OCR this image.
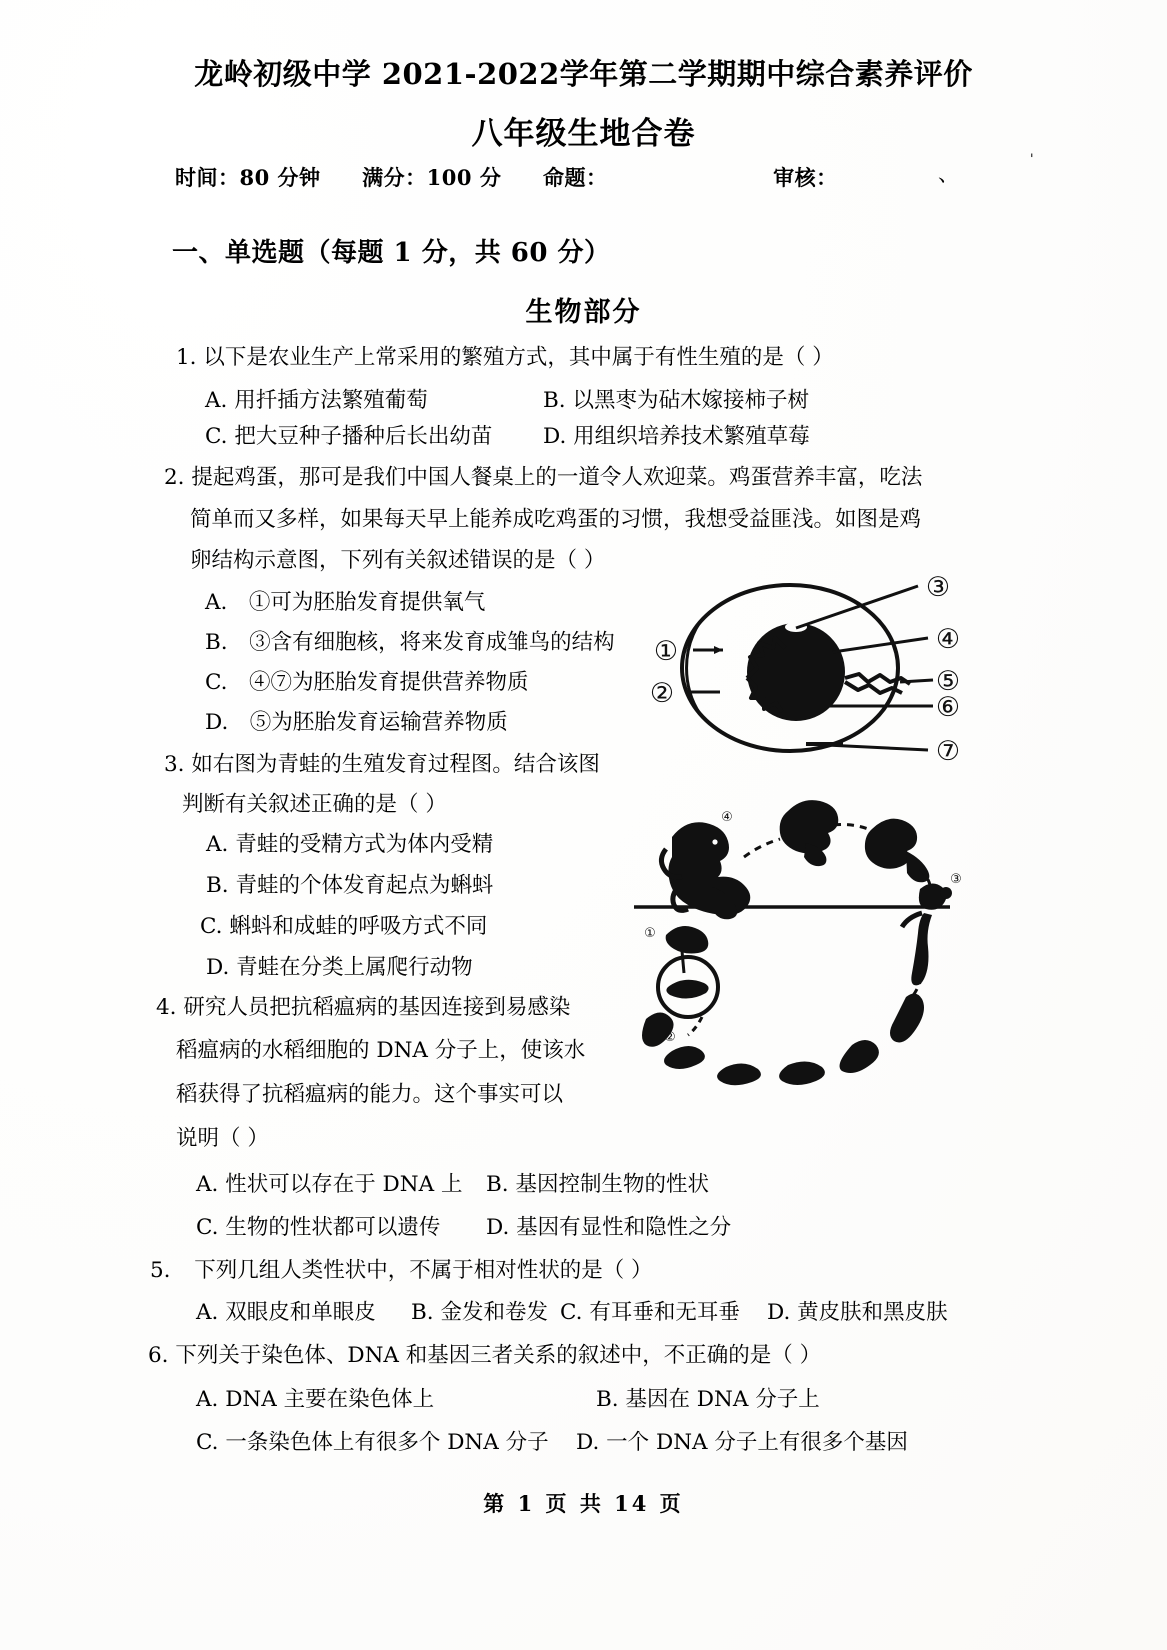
龙岭初级中学 2021-2022学年第二学期期中综合素养评价
八年级生地合卷
时间：80 分钟 满分：100 分 命题：	审核：	、
'
一、单选题（每题 1 分，共 60 分）
生物部分
1. 以下是农业生产上常采用的繁殖方式，其中属于有性生殖的是（ ）
A. 用扦插方法繁殖葡萄	B. 以黑枣为砧木嫁接柿子树
C. 把大豆种子播种后长出幼苗 D. 用组织培养技术繁殖草莓
2. 提起鸡蛋，那可是我们中国人餐桌上的一道令人欢迎菜。鸡蛋营养丰富，吃法
简单而又多样，如果每天早上能养成吃鸡蛋的习惯，我想受益匪浅。如图是鸡
卵结构示意图，下列有关叙述错误的是（ ）
A.　①可为胚胎发育提供氧气
B.　③含有细胞核，将来发育成雏鸟的结构
C.　④⑦为胚胎发育提供营养物质
D.　⑤为胚胎发育运输营养物质
①
②
③
④
⑤
⑥
⑦
3. 如右图为青蛙的生殖发育过程图。结合该图
判断有关叙述正确的是（ ）
A. 青蛙的受精方式为体内受精
B. 青蛙的个体发育起点为蝌蚪
C. 蝌蚪和成蛙的呼吸方式不同
D. 青蛙在分类上属爬行动物
④
①
②
③
4. 研究人员把抗稻瘟病的基因连接到易感染
稻瘟病的水稻细胞的 DNA 分子上，使该水
稻获得了抗稻瘟病的能力。这个事实可以
说明（ ）
A. 性状可以存在于 DNA 上 B. 基因控制生物的性状
C. 生物的性状都可以遗传 D. 基因有显性和隐性之分
5. 下列几组人类性状中，不属于相对性状的是（ ）
A. 双眼皮和单眼皮 B. 金发和卷发 C. 有耳垂和无耳垂 D. 黄皮肤和黑皮肤
6. 下列关于染色体、DNA 和基因三者关系的叙述中，不正确的是（ ）
A. DNA 主要在染色体上	B. 基因在 DNA 分子上
C. 一条染色体上有很多个 DNA 分子 D. 一个 DNA 分子上有很多个基因
第 1 页 共 14 页
